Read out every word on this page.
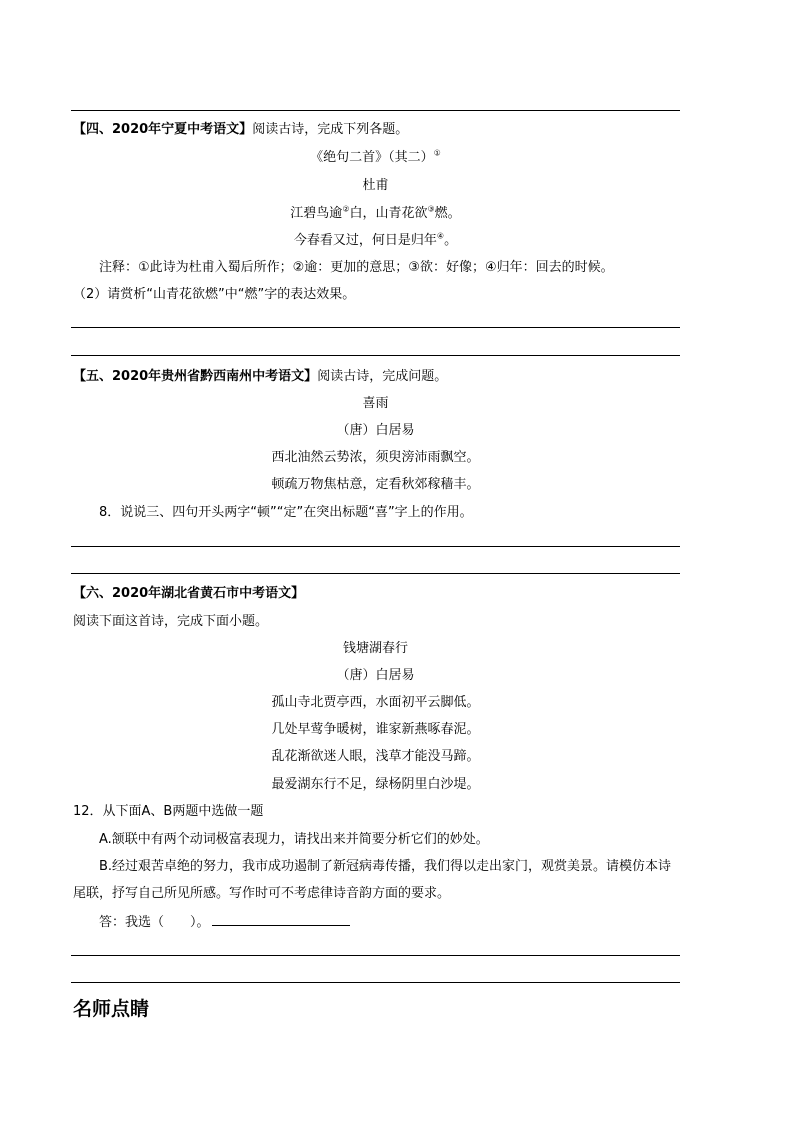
【四、2020年宁夏中考语文】阅读古诗，完成下列各题。
《绝句二首》（其二）①
杜甫
江碧鸟逾②白，山青花欲③燃。
今春看又过，何日是归年④。
注释：①此诗为杜甫入蜀后所作；②逾：更加的意思；③欲：好像；④归年：回去的时候。
（2）请赏析“山青花欲燃”中“燃”字的表达效果。
【五、2020年贵州省黔西南州中考语文】阅读古诗，完成问题。
喜雨
（唐）白居易
西北油然云势浓，须臾滂沛雨飘空。
顿疏万物焦枯意，定看秋郊稼穑丰。
8．说说三、四句开头两字“顿”“定”在突出标题“喜”字上的作用。
【六、2020年湖北省黄石市中考语文】
阅读下面这首诗，完成下面小题。
钱塘湖春行
（唐）白居易
孤山寺北贾亭西，水面初平云脚低。
几处早莺争暖树，谁家新燕啄春泥。
乱花渐欲迷人眼，浅草才能没马蹄。
最爱湖东行不足，绿杨阴里白沙堤。
12．从下面A、B两题中选做一题
A.颔联中有两个动词极富表现力，请找出来并简要分析它们的妙处。
B.经过艰苦卓绝的努力，我市成功遏制了新冠病毒传播，我们得以走出家门，观赏美景。请模仿本诗
尾联，抒写自己所见所感。写作时可不考虑律诗音韵方面的要求。
答：我选（　　）。
名师点睛
